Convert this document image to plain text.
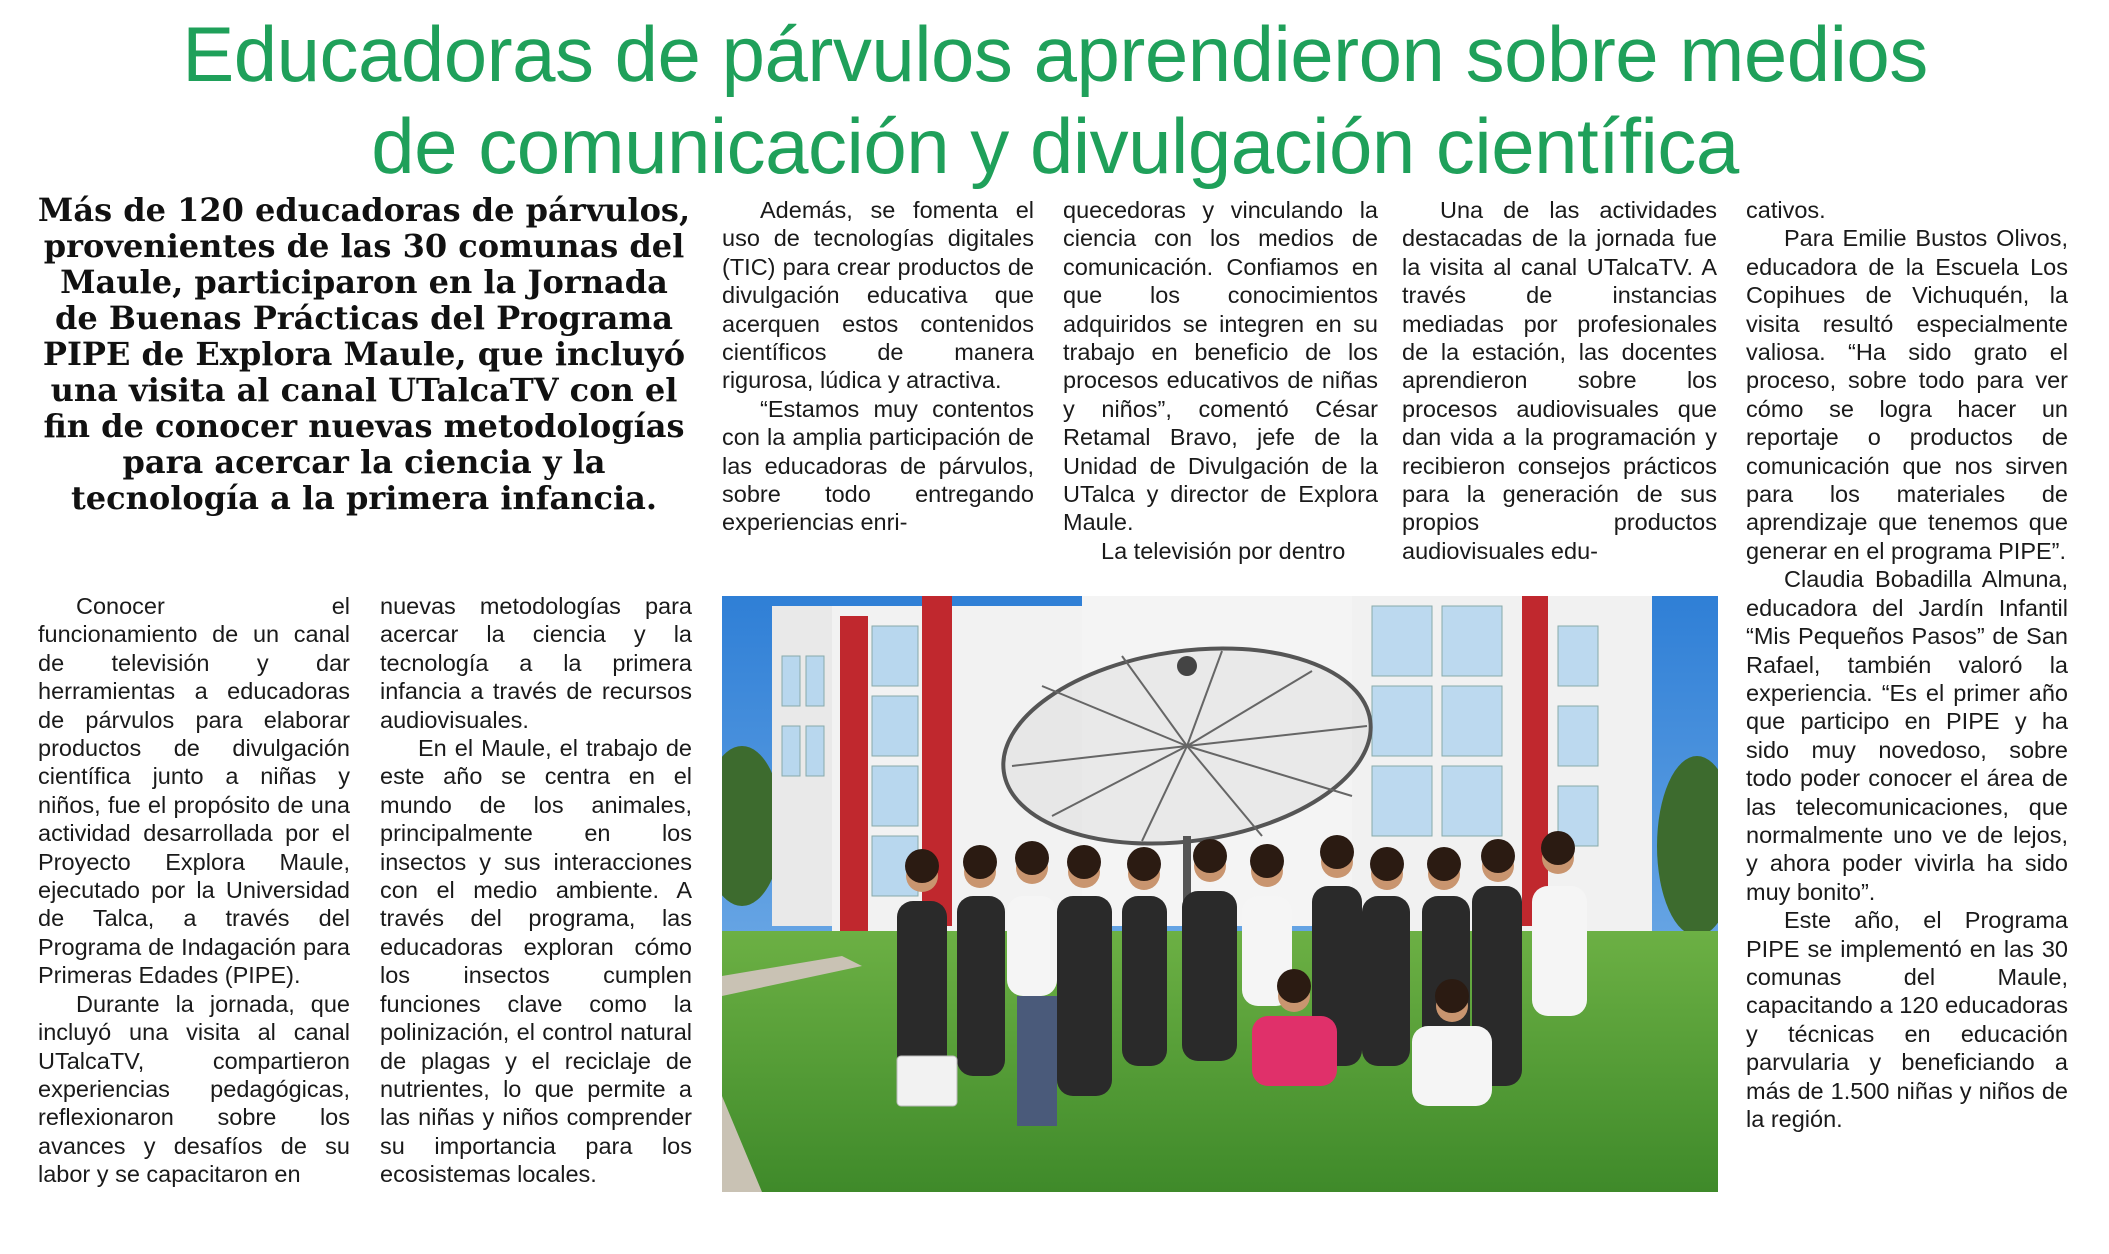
Educadoras de párvulos aprendieron sobre medios
de comunicación y divulgación científica
Más de 120 educadoras de párvulos, provenientes de las 30 comunas del Maule, participaron en la Jornada de Buenas Prácticas del Programa PIPE de Explora Maule, que incluyó una visita al canal UTalcaTV con el fin de conocer nuevas metodologías para acercar la ciencia y la tecnología a la primera infancia.

Conocer el funcionamiento de un canal de televisión y dar herramientas a educadoras de párvulos para elaborar productos de divulgación científica junto a niñas y niños, fue el propósito de una actividad desarrollada por el Proyecto Explora Maule, ejecutado por la Universidad de Talca, a través del Programa de Indagación para Primeras Edades (PIPE).

Durante la jornada, que incluyó una visita al canal UTalcaTV, compartieron experiencias pedagógicas, reflexionaron sobre los avances y desafíos de su labor y se capacitaron en

nuevas metodologías para acercar la ciencia y la tecnología a la primera infancia a través de recursos audiovisuales.

En el Maule, el trabajo de este año se centra en el mundo de los animales, principalmente en los insectos y sus interacciones con el medio ambiente. A través del programa, las educadoras exploran cómo los insectos cumplen funciones clave como la polinización, el control natural de plagas y el reciclaje de nutrientes, lo que permite a las niñas y niños comprender su importancia para los ecosistemas locales.

Además, se fomenta el uso de tecnologías digitales (TIC) para crear productos de divulgación educativa que acerquen estos contenidos científicos de manera rigurosa, lúdica y atractiva.

“Estamos muy contentos con la amplia participación de las educadoras de párvulos, sobre todo entregando experiencias enri-

quecedoras y vinculando la ciencia con los medios de comunicación. Confiamos en que los conocimientos adquiridos se integren en su trabajo en beneficio de los procesos educativos de niñas y niños”, comentó César Retamal Bravo, jefe de la Unidad de Divulgación de la UTalca y director de Explora Maule.

La televisión por dentro

Una de las actividades destacadas de la jornada fue la visita al canal UTalcaTV. A través de instancias mediadas por profesionales de la estación, las docentes aprendieron sobre los procesos audiovisuales que dan vida a la programación y recibieron consejos prácticos para la generación de sus propios productos audiovisuales edu-

cativos.

Para Emilie Bustos Olivos, educadora de la Escuela Los Copihues de Vichuquén, la visita resultó especialmente valiosa. “Ha sido grato el proceso, sobre todo para ver cómo se logra hacer un reportaje o productos de comunicación que nos sirven para los materiales de aprendizaje que tenemos que generar en el programa PIPE”.

Claudia Bobadilla Almuna, educadora del Jardín Infantil “Mis Pequeños Pasos” de San Rafael, también valoró la experiencia. “Es el primer año que participo en PIPE y ha sido muy novedoso, sobre todo poder conocer el área de las telecomunicaciones, que normalmente uno ve de lejos, y ahora poder vivirla ha sido muy bonito”.

Este año, el Programa PIPE se implementó en las 30 comunas del Maule, capacitando a 120 educadoras y técnicas en educación parvularia y beneficiando a más de 1.500 niñas y niños de la región.
